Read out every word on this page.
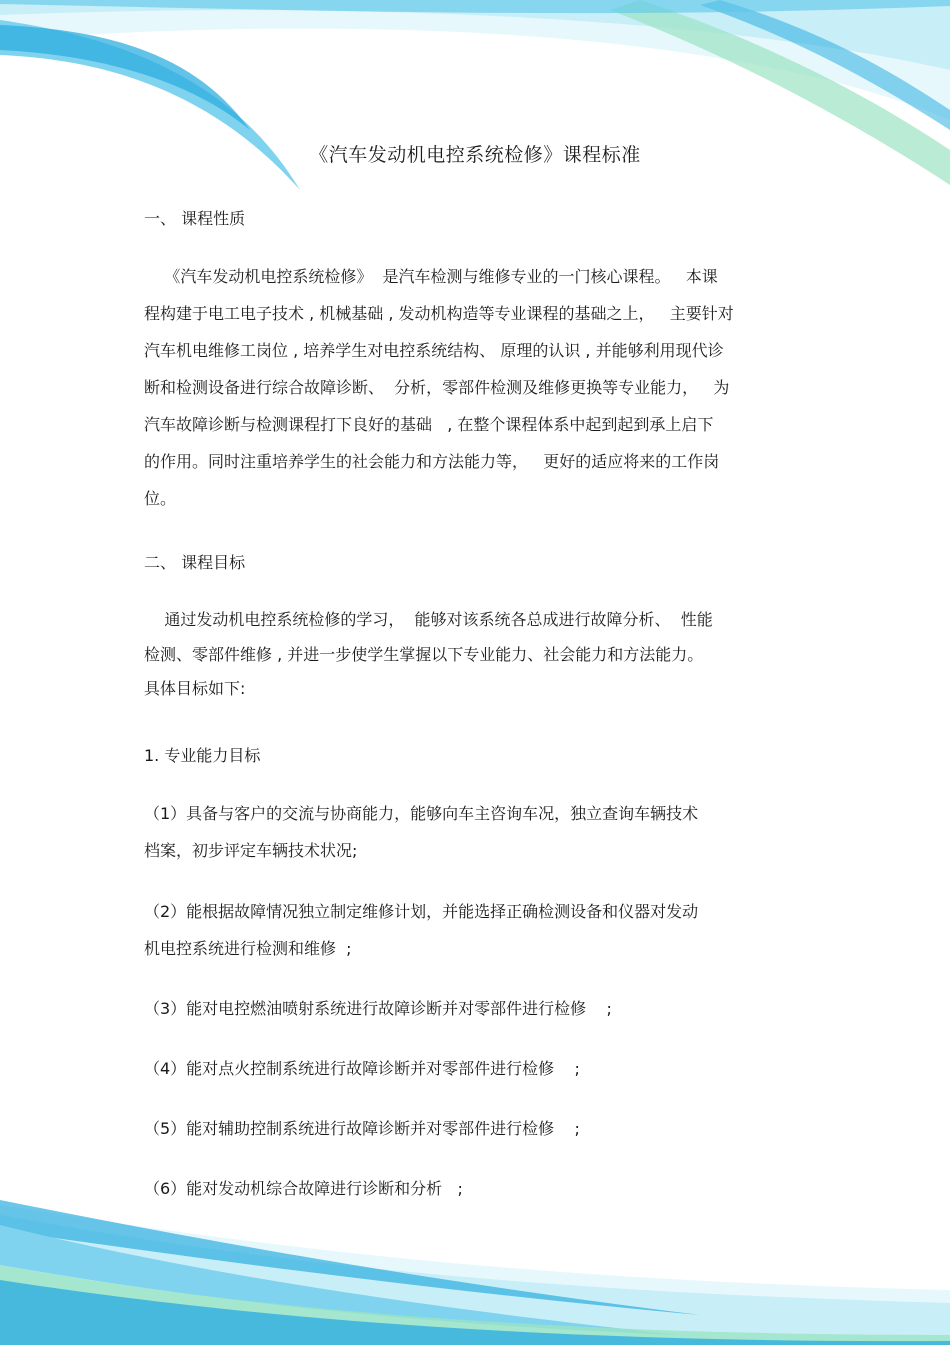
《汽车发动机电控系统检修》课程标准
一、 课程性质
《汽车发动机电控系统检修》  是汽车检测与维修专业的一门核心课程。   本课
程构建于电工电子技术 , 机械基础 , 发动机构造等专业课程的基础之上，   主要针对
汽车机电维修工岗位 , 培养学生对电控系统结构、 原理的认识 , 并能够利用现代诊
断和检测设备进行综合故障诊断、  分析，零部件检测及维修更换等专业能力，   为
汽车故障诊断与检测课程打下良好的基础   , 在整个课程体系中起到起到承上启下
的作用。同时注重培养学生的社会能力和方法能力等，   更好的适应将来的工作岗
位。
二、 课程目标
通过发动机电控系统检修的学习，  能够对该系统各总成进行故障分析、  性能
检测、零部件维修 , 并进一步使学生掌握以下专业能力、社会能力和方法能力。
具体目标如下:
1. 专业能力目标
（1）具备与客户的交流与协商能力，能够向车主咨询车况，独立查询车辆技术
档案，初步评定车辆技术状况;
（2）能根据故障情况独立制定维修计划，并能选择正确检测设备和仪器对发动
机电控系统进行检测和维修  ;
（3）能对电控燃油喷射系统进行故障诊断并对零部件进行检修    ;
（4）能对点火控制系统进行故障诊断并对零部件进行检修    ;
（5）能对辅助控制系统进行故障诊断并对零部件进行检修    ;
（6）能对发动机综合故障进行诊断和分析   ;
